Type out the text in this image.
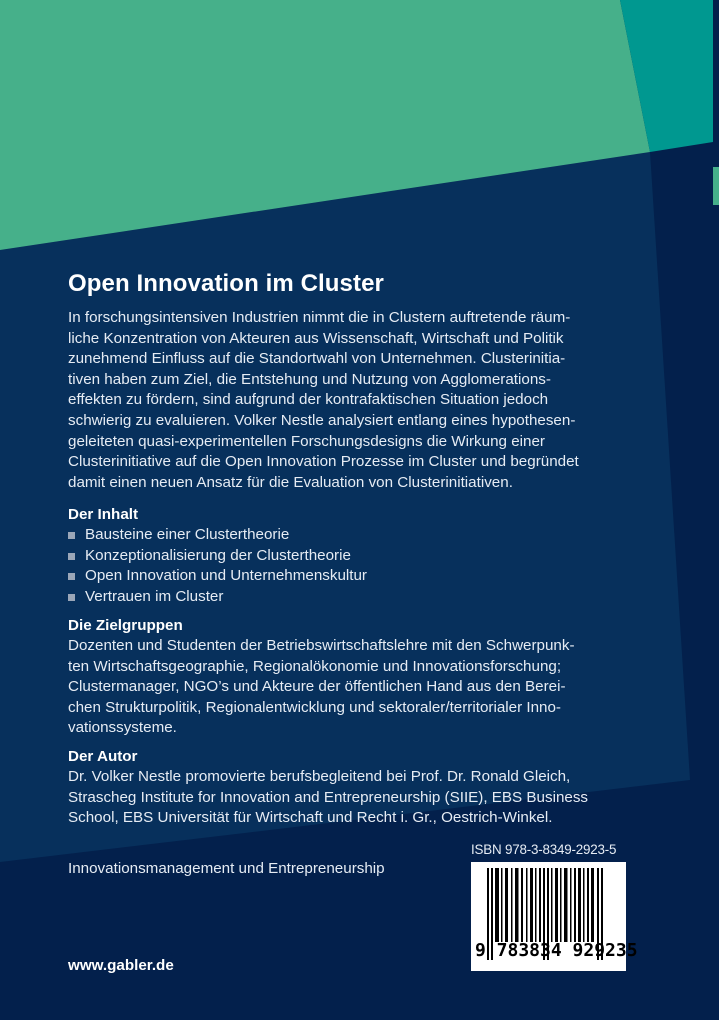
Open Innovation im Cluster
In forschungsintensiven Industrien nimmt die in Clustern auftretende räum-
liche Konzentration von Akteuren aus Wissenschaft, Wirtschaft und Politik
zunehmend Einfluss auf die Standortwahl von Unternehmen. Clusterinitia-
tiven haben zum Ziel, die Entstehung und Nutzung von Agglomerations-
effekten zu fördern, sind aufgrund der kontrafaktischen Situation jedoch
schwierig zu evaluieren. Volker Nestle analysiert entlang eines hypothesen-
geleiteten quasi-experimentellen Forschungsdesigns die Wirkung einer
Clusterinitiative auf die Open Innovation Prozesse im Cluster und begründet
damit einen neuen Ansatz für die Evaluation von Clusterinitiativen.
Der Inhalt
Bausteine einer Clustertheorie
Konzeptionalisierung der Clustertheorie
Open Innovation und Unternehmenskultur
Vertrauen im Cluster
Die Zielgruppen
Dozenten und Studenten der Betriebswirtschaftslehre mit den Schwerpunk-
ten Wirtschaftsgeographie, Regionalökonomie und Innovationsforschung;
Clustermanager, NGO’s und Akteure der öffentlichen Hand aus den Berei-
chen Strukturpolitik, Regionalentwicklung und sektoraler/territorialer Inno-
vationssysteme.
Der Autor
Dr. Volker Nestle promovierte berufsbegleitend bei Prof. Dr. Ronald Gleich,
Strascheg Institute for Innovation and Entrepreneurship (SIIE), EBS Business
School, EBS Universität für Wirtschaft und Recht i. Gr., Oestrich-Winkel.
Innovationsmanagement und Entrepreneurship
www.gabler.de
ISBN 978-3-8349-2923-5
9 783834 929235
